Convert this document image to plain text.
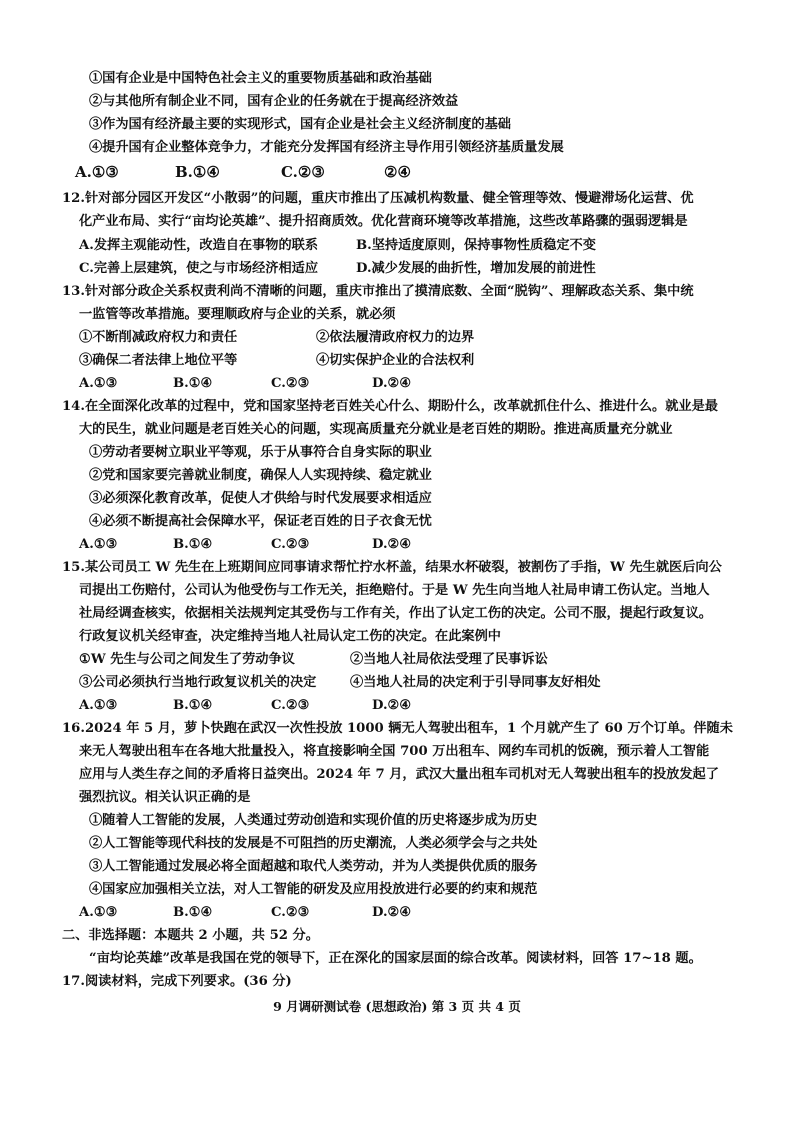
①国有企业是中国特色社会主义的重要物质基础和政治基础
②与其他所有制企业不同，国有企业的任务就在于提高经济效益
③作为国有经济最主要的实现形式，国有企业是社会主义经济制度的基础
④提升国有企业整体竞争力，才能充分发挥国有经济主导作用引领经济基质量发展
A.①③	B.①④	C.②③	②④
12.针对部分园区开发区“小散弱”的问题，重庆市推出了压减机构数量、健全管理等效、慢避滞场化运营、优
化产业布局、实行“亩均论英雄”、提升招商质效。优化营商环境等改革措施，这些改革路骤的强弱逻辑是
A.发挥主观能动性，改造自在事物的联系	B.坚持适度原则，保持事物性质稳定不变
C.完善上层建筑，使之与市场经济相适应	D.减少发展的曲折性，增加发展的前进性
13.针对部分政企关系权责利尚不清晰的问题，重庆市推出了摸清底数、全面“脱钩”、理解政态关系、集中统
一监管等改革措施。要理顺政府与企业的关系，就必须
①不断削减政府权力和责任	②依法履清政府权力的边界
③确保二者法律上地位平等	④切实保护企业的合法权利
A.①③	B.①④	C.②③	D.②④
14.在全面深化改革的过程中，党和国家坚持老百姓关心什么、期盼什么，改革就抓住什么、推进什么。就业是最
大的民生，就业问题是老百姓关心的问题，实现高质量充分就业是老百姓的期盼。推进高质量充分就业
①劳动者要树立职业平等观，乐于从事符合自身实际的职业
②党和国家要完善就业制度，确保人人实现持续、稳定就业
③必须深化教育改革，促使人才供给与时代发展要求相适应
④必须不断提高社会保障水平，保证老百姓的日子衣食无忧
A.①③	B.①④	C.②③	D.②④
15.某公司员工 W 先生在上班期间应同事请求帮忙拧水杯盖，结果水杯破裂，被割伤了手指，W 先生就医后向公
司提出工伤赔付，公司认为他受伤与工作无关，拒绝赔付。于是 W 先生向当地人社局申请工伤认定。当地人
社局经调查核实，依据相关法规判定其受伤与工作有关，作出了认定工伤的决定。公司不服，提起行政复议。
行政复议机关经审查，决定维持当地人社局认定工伤的决定。在此案例中
①W 先生与公司之间发生了劳动争议	②当地人社局依法受理了民事诉讼
③公司必须执行当地行政复议机关的决定	④当地人社局的决定利于引导同事友好相处
A.①③	B.①④	C.②③	D.②④
16.2024 年 5 月，萝卜快跑在武汉一次性投放 1000 辆无人驾驶出租车，1 个月就产生了 60 万个订单。伴随未
来无人驾驶出租车在各地大批量投入，将直接影响全国 700 万出租车、网约车司机的饭碗，预示着人工智能
应用与人类生存之间的矛盾将日益突出。2024 年 7 月，武汉大量出租车司机对无人驾驶出租车的投放发起了
强烈抗议。相关认识正确的是
①随着人工智能的发展，人类通过劳动创造和实现价值的历史将逐步成为历史
②人工智能等现代科技的发展是不可阻挡的历史潮流，人类必须学会与之共处
③人工智能通过发展必将全面超越和取代人类劳动，并为人类提供优质的服务
④国家应加强相关立法，对人工智能的研发及应用投放进行必要的约束和规范
A.①③	B.①④	C.②③	D.②④
二、非选择题：本题共 2 小题，共 52 分。
“亩均论英雄”改革是我国在党的领导下，正在深化的国家层面的综合改革。阅读材料，回答 17~18 题。
17.阅读材料，完成下列要求。(36 分)
9 月调研测试卷 (思想政治) 第 3 页 共 4 页
